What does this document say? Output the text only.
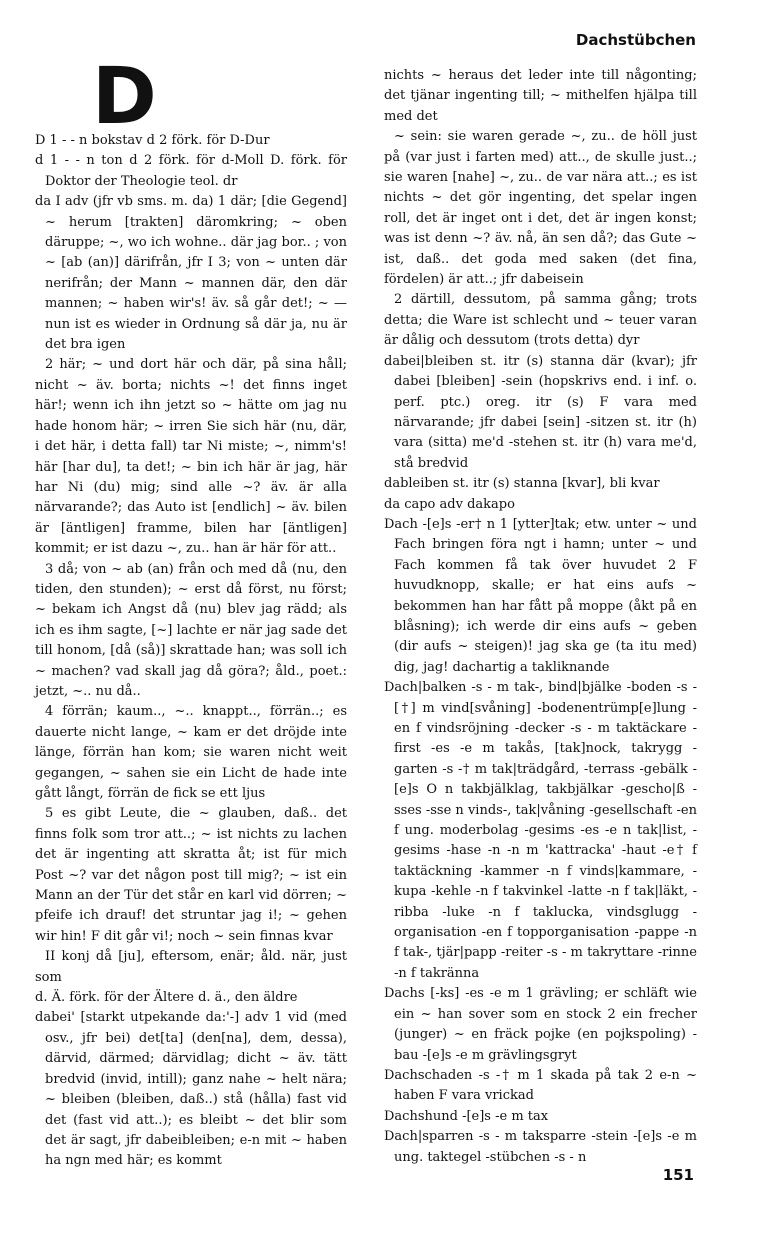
Dachstübchen
D

D 1 - - n bokstav d 2 förk. för D-Dur

d 1 - - n ton d 2 förk. för d-Moll D. förk. för Doktor der Theologie teol. dr

da I adv (jfr vb sms. m. da) 1 där; [die Gegend] ~ herum [trakten] däromkring; ~ oben däruppe; ~, wo ich wohne.. där jag bor.. ; von ~ [ab (an)] därifrån, jfr I 3; von ~ unten där nerifrån; der Mann ~ mannen där, den där mannen; ~ haben wir's! äv. så går det!; ~ —nun ist es wieder in Ordnung så där ja, nu är det bra igen

2 här; ~ und dort här och där, på sina håll; nicht ~ äv. borta; nichts ~! det finns inget här!; wenn ich ihn jetzt so ~ hätte om jag nu hade honom här; ~ irren Sie sich här (nu, där, i det här, i detta fall) tar Ni miste; ~, nimm's! här [har du], ta det!; ~ bin ich här är jag, här har Ni (du) mig; sind alle ~? äv. är alla närvarande?; das Auto ist [endlich] ~ äv. bilen är [äntligen] framme, bilen har [äntligen] kommit; er ist dazu ~, zu.. han är här för att..

3 då; von ~ ab (an) från och med då (nu, den tiden, den stunden); ~ erst då först, nu först; ~ bekam ich Angst då (nu) blev jag rädd; als ich es ihm sagte, [~] lachte er när jag sade det till honom, [då (så)] skrattade han; was soll ich ~ machen? vad skall jag då göra?; åld., poet.: jetzt, ~.. nu då..

4 förrän; kaum.., ~.. knappt.., förrän..; es dauerte nicht lange, ~ kam er det dröjde inte länge, förrän han kom; sie waren nicht weit gegangen, ~ sahen sie ein Licht de hade inte gått långt, förrän de fick se ett ljus

5 es gibt Leute, die ~ glauben, daß.. det finns folk som tror att..; ~ ist nichts zu lachen det är ingenting att skratta åt; ist für mich Post ~? var det någon post till mig?; ~ ist ein Mann an der Tür det står en karl vid dörren; ~ pfeife ich drauf! det struntar jag i!; ~ gehen wir hin! F dit går vi!; noch ~ sein finnas kvar

II konj då [ju], eftersom, enär; åld. när, just som

d. Ä. förk. för der Ältere d. ä., den äldre

dabei' [starkt utpekande da:'-] adv 1 vid (med osv., jfr bei) det[ta] (den[na], dem, dessa), därvid, därmed; därvidlag; dicht ~ äv. tätt bredvid (invid, intill); ganz nahe ~ helt nära; ~ bleiben (bleiben, daß..) stå (hålla) fast vid det (fast vid att..); es bleibt ~ det blir som det är sagt, jfr dabeibleiben; e-n mit ~ haben ha ngn med här; es kommt

nichts ~ heraus det leder inte till någonting; det tjänar ingenting till; ~ mithelfen hjälpa till med det

~ sein: sie waren gerade ~, zu.. de höll just på (var just i farten med) att.., de skulle just..; sie waren [nahe] ~, zu.. de var nära att..; es ist nichts ~ det gör ingenting, det spelar ingen roll, det är inget ont i det, det är ingen konst; was ist denn ~? äv. nå, än sen då?; das Gute ~ ist, daß.. det goda med saken (det fina, fördelen) är att..; jfr dabeisein

2 därtill, dessutom, på samma gång; trots detta; die Ware ist schlecht und ~ teuer varan är dålig och dessutom (trots detta) dyr

dabei|bleiben st. itr (s) stanna där (kvar); jfr dabei [bleiben] -sein (hopskrivs end. i inf. o. perf. ptc.) oreg. itr (s) F vara med närvarande; jfr dabei [sein] -sitzen st. itr (h) vara (sitta) me'd -stehen st. itr (h) vara me'd, stå bredvid

dableiben st. itr (s) stanna [kvar], bli kvar

da capo adv dakapo

Dach -[e]s -er† n 1 [ytter]tak; etw. unter ~ und Fach bringen föra ngt i hamn; unter ~ und Fach kommen få tak över huvudet 2 F huvudknopp, skalle; er hat eins aufs ~ bekommen han har fått på moppe (åkt på en blåsning); ich werde dir eins aufs ~ geben (dir aufs ~ steigen)! jag ska ge (ta itu med) dig, jag! dachartig a takliknande

Dach|balken -s - m tak-, bind|bjälke -boden -s -[†] m vind[svåning] -bodenentrümp[e]lung -en f vindsröjning -decker -s - m taktäckare -first -es -e m takås, [tak]nock, takrygg -garten -s -† m tak|trädgård, -terrass -gebälk -[e]s O n takbjälklag, takbjälkar -gescho|ß -sses -sse n vinds-, tak|våning -gesellschaft -en f ung. moderbolag -gesims -es -e n tak|list, -gesims -hase -n -n m 'kattracka' -haut -e† f taktäckning -kammer -n f vinds|kammare, -kupa -kehle -n f takvinkel -latte -n f tak|läkt, -ribba -luke -n f taklucka, vindsglugg -organisation -en f topporganisation -pappe -n f tak-, tjär|papp -reiter -s - m takryttare -rinne -n f takränna

Dachs [-ks] -es -e m 1 grävling; er schläft wie ein ~ han sover som en stock 2 ein frecher (junger) ~ en fräck pojke (en pojkspoling) -bau -[e]s -e m grävlingsgryt

Dachschaden -s -† m 1 skada på tak 2 e-n ~ haben F vara vrickad

Dachshund -[e]s -e m tax

Dach|sparren -s - m taksparre -stein -[e]s -e m ung. taktegel -stübchen -s - n

151
